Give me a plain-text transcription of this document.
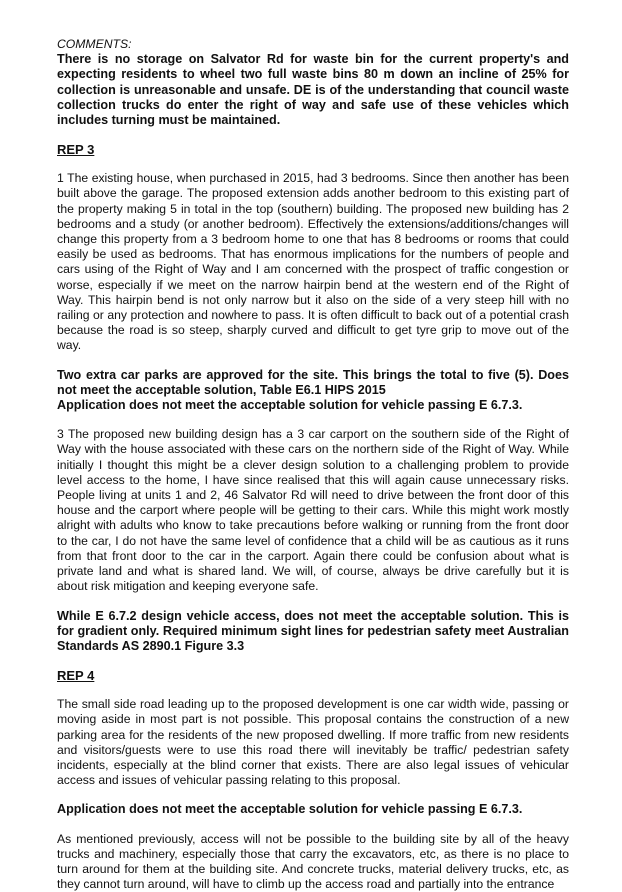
COMMENTS:

There is no storage on Salvator Rd for waste bin for the current property's and expecting residents to wheel two full waste bins 80 m down an incline of 25% for collection is unreasonable and unsafe. DE is of the understanding that council waste collection trucks do enter the right of way and safe use of these vehicles which includes turning must be maintained.

REP 3

1 The existing house, when purchased in 2015, had 3 bedrooms. Since then another has been built above the garage. The proposed extension adds another bedroom to this existing part of the property making 5 in total in the top (southern) building. The proposed new building has 2 bedrooms and a study (or another bedroom). Effectively the extensions/additions/changes will change this property from a 3 bedroom home to one that has 8 bedrooms or rooms that could easily be used as bedrooms. That has enormous implications for the numbers of people and cars using of the Right of Way and I am concerned with the prospect of traffic congestion or worse, especially if we meet on the narrow hairpin bend at the western end of the Right of Way. This hairpin bend is not only narrow but it also on the side of a very steep hill with no railing or any protection and nowhere to pass. It is often difficult to back out of a potential crash because the road is so steep, sharply curved and difficult to get tyre grip to move out of the way.

Two extra car parks are approved for the site. This brings the total to five (5). Does not meet the acceptable solution, Table E6.1 HIPS 2015

Application does not meet the acceptable solution for vehicle passing E 6.7.3.

3 The proposed new building design has a 3 car carport on the southern side of the Right of Way with the house associated with these cars on the northern side of the Right of Way. While initially I thought this might be a clever design solution to a challenging problem to provide level access to the home, I have since realised that this will again cause unnecessary risks. People living at units 1 and 2, 46 Salvator Rd will need to drive between the front door of this house and the carport where people will be getting to their cars. While this might work mostly alright with adults who know to take precautions before walking or running from the front door to the car, I do not have the same level of confidence that a child will be as cautious as it runs from that front door to the car in the carport. Again there could be confusion about what is private land and what is shared land. We will, of course, always be drive carefully but it is about risk mitigation and keeping everyone safe.

While E 6.7.2 design vehicle access, does not meet the acceptable solution. This is for gradient only. Required minimum sight lines for pedestrian safety meet Australian Standards AS 2890.1 Figure 3.3

REP 4

The small side road leading up to the proposed development is one car width wide, passing or moving aside in most part is not possible. This proposal contains the construction of a new parking area for the residents of the new proposed dwelling. If more traffic from new residents and visitors/guests were to use this road there will inevitably be traffic/ pedestrian safety incidents, especially at the blind corner that exists. There are also legal issues of vehicular access and issues of vehicular passing relating to this proposal.

Application does not meet the acceptable solution for vehicle passing E 6.7.3.

As mentioned previously, access will not be possible to the building site by all of the heavy trucks and machinery, especially those that carry the excavators, etc, as there is no place to turn around for them at the building site. And concrete trucks, material delivery trucks, etc, as they cannot turn around, will have to climb up the access road and partially into the entrance
